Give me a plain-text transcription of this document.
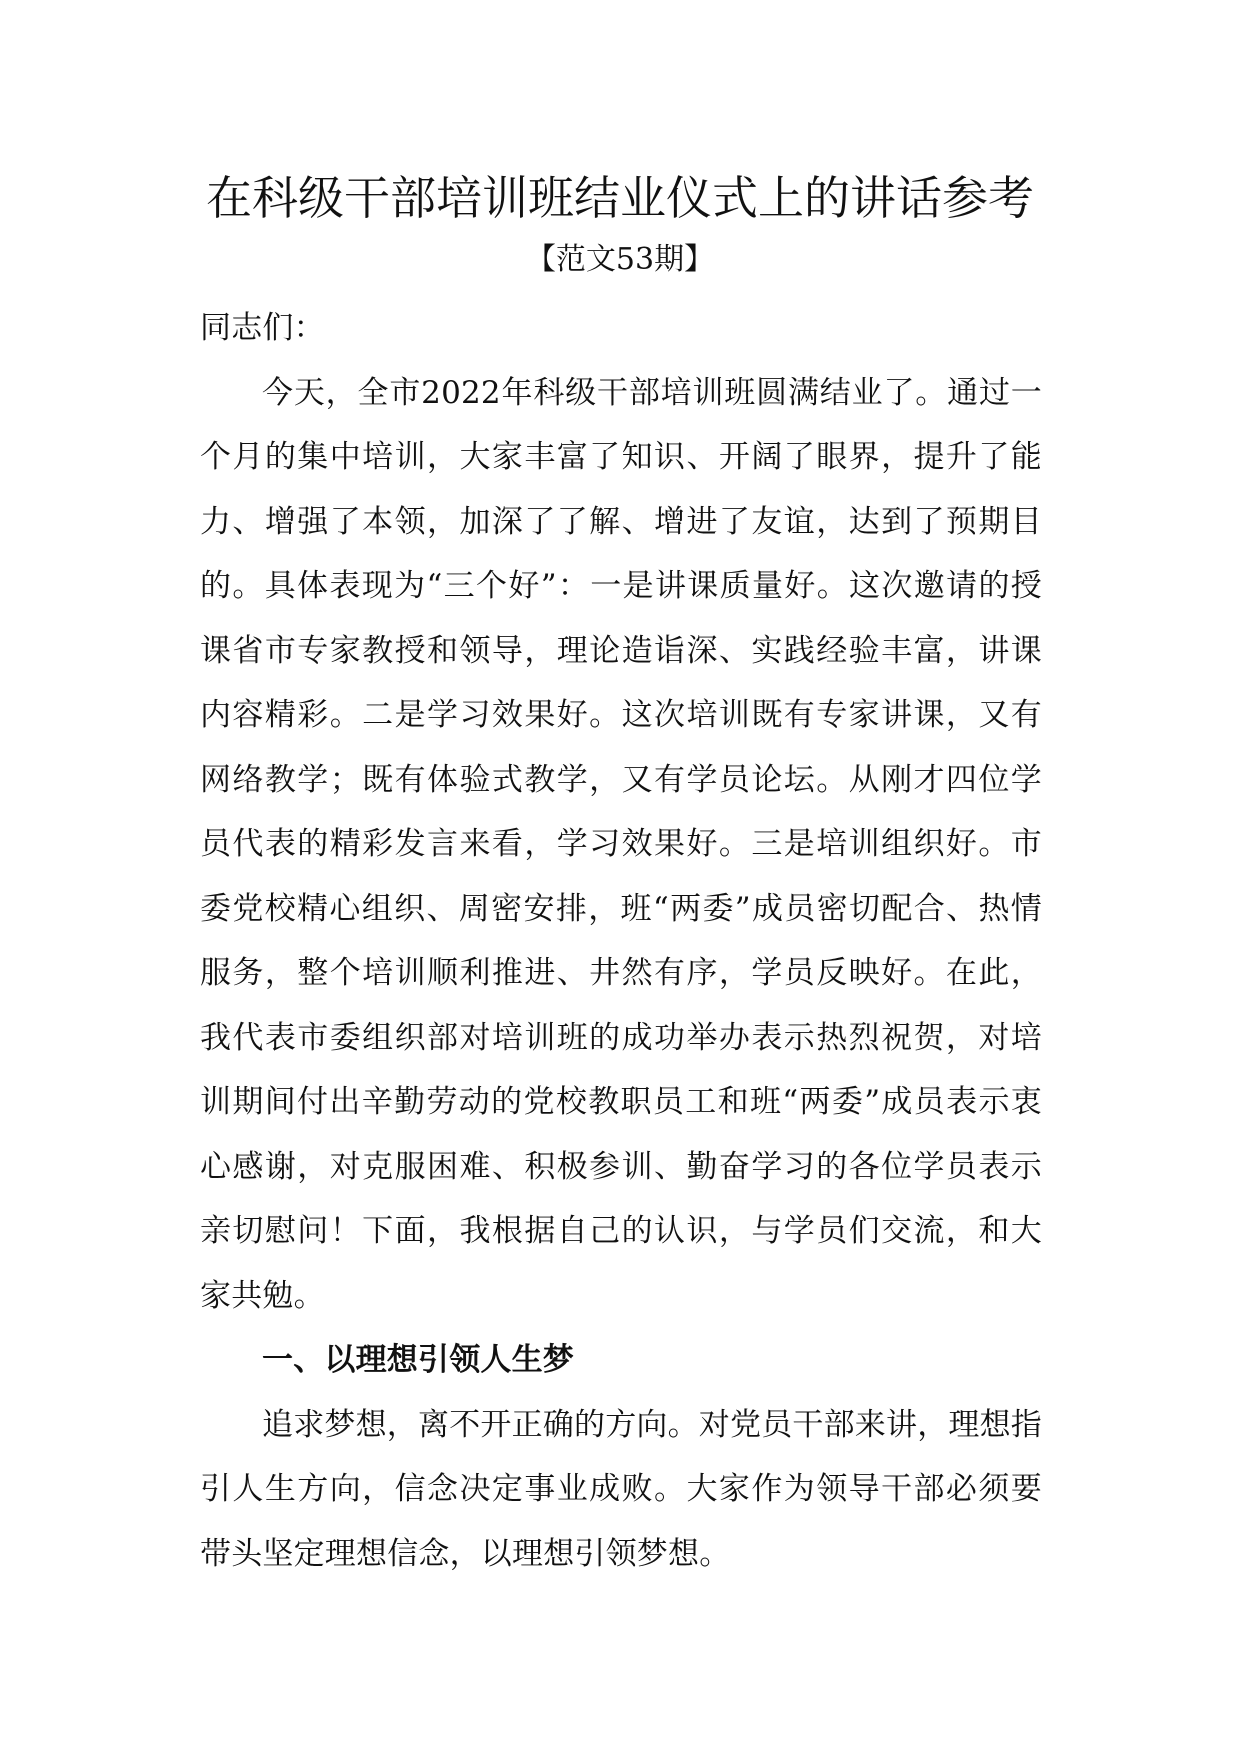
在科级干部培训班结业仪式上的讲话参考
【范文53期】

同志们：

今天，全市2022年科级干部培训班圆满结业了。通过一个月的集中培训，大家丰富了知识、开阔了眼界，提升了能力、增强了本领，加深了了解、增进了友谊，达到了预期目的。具体表现为“三个好”：一是讲课质量好。这次邀请的授课省市专家教授和领导，理论造诣深、实践经验丰富，讲课内容精彩。二是学习效果好。这次培训既有专家讲课，又有网络教学；既有体验式教学，又有学员论坛。从刚才四位学员代表的精彩发言来看，学习效果好。三是培训组织好。市委党校精心组织、周密安排，班“两委”成员密切配合、热情服务，整个培训顺利推进、井然有序，学员反映好。在此，我代表市委组织部对培训班的成功举办表示热烈祝贺，对培训期间付出辛勤劳动的党校教职员工和班“两委”成员表示衷心感谢，对克服困难、积极参训、勤奋学习的各位学员表示亲切慰问！下面，我根据自己的认识，与学员们交流，和大家共勉。

一、以理想引领人生梦

追求梦想，离不开正确的方向。对党员干部来讲，理想指引人生方向，信念决定事业成败。大家作为领导干部必须要带头坚定理想信念，以理想引领梦想。
